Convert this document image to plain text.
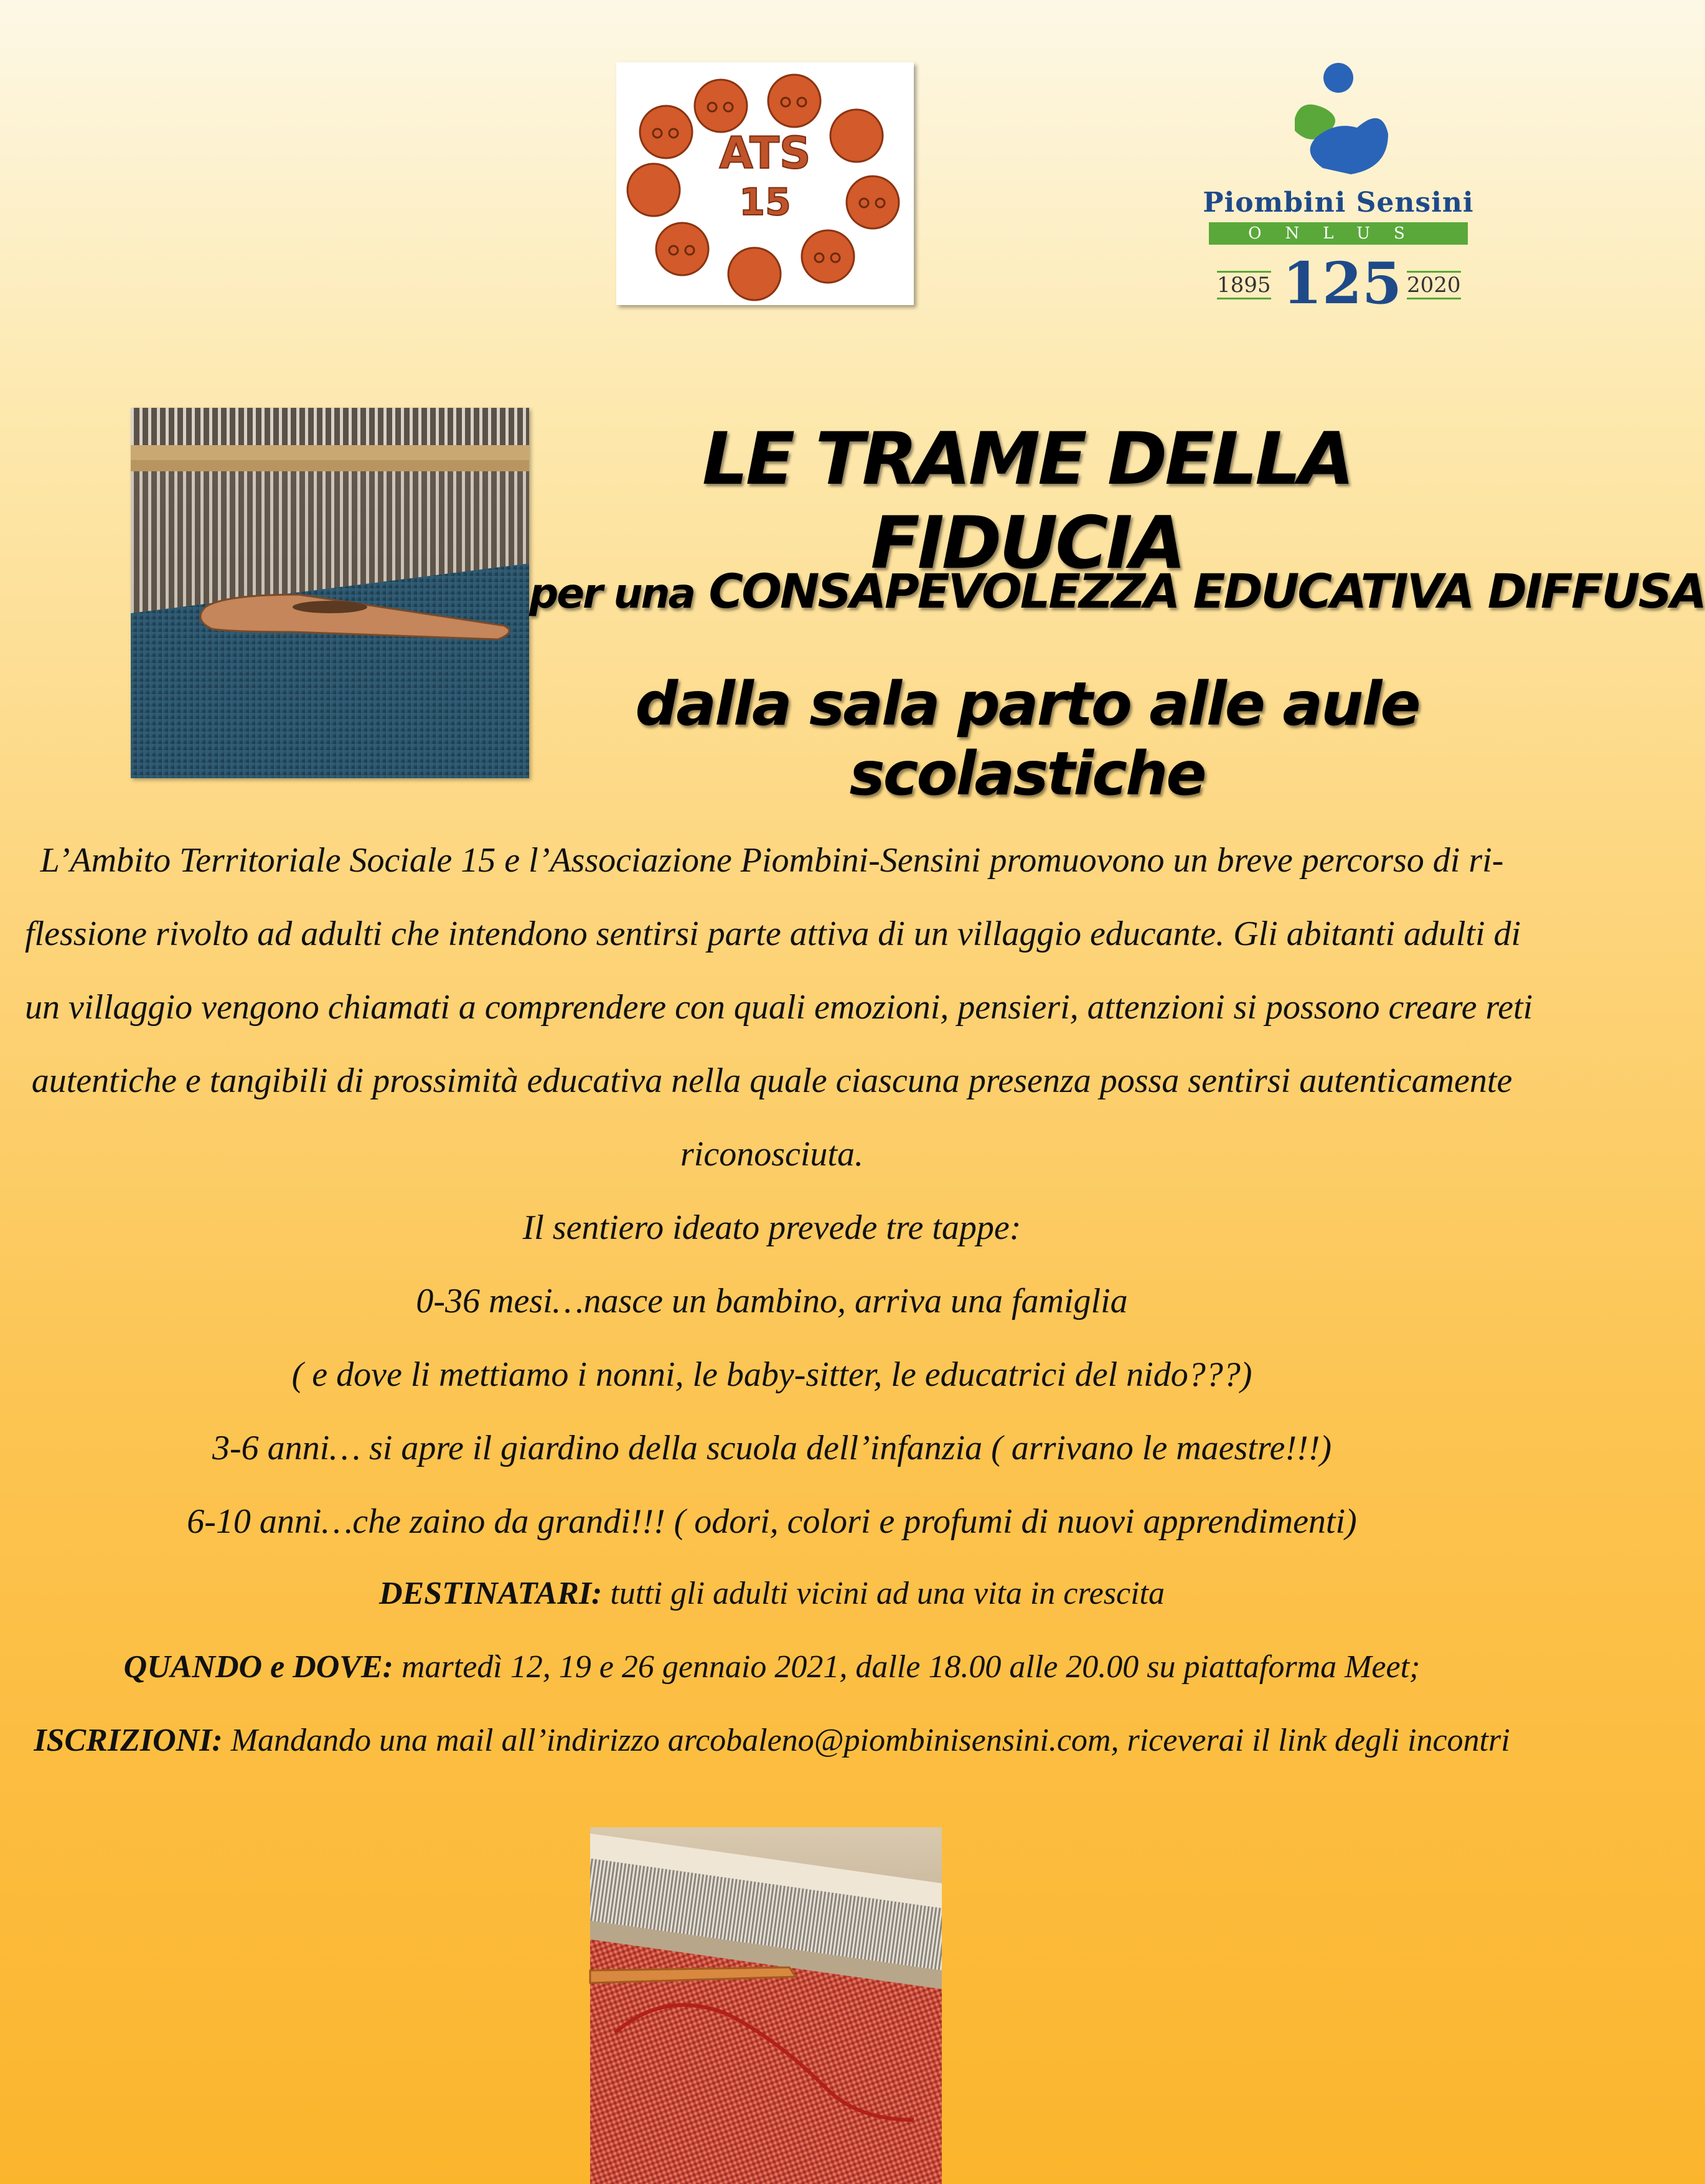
ATS
15	Piombini Sensini
ONLUS
1895 125 2020
LE TRAME DELLA FIDUCIA
per una CONSAPEVOLEZZA EDUCATIVA DIFFUSA
dalla sala parto alle aule scolastiche
L’Ambito Territoriale Sociale 15 e l’Associazione Piombini-Sensini promuovono un breve percorso di ri-
flessione rivolto ad adulti che intendono sentirsi parte attiva di un villaggio educante. Gli abitanti adulti di
un villaggio vengono chiamati a comprendere con quali emozioni, pensieri, attenzioni si possono creare reti
autentiche e tangibili di prossimità educativa nella quale ciascuna presenza possa sentirsi autenticamente
riconosciuta.
Il sentiero ideato prevede tre tappe:
0-36 mesi…nasce un bambino, arriva una famiglia
( e dove li mettiamo i nonni, le baby-sitter, le educatrici del nido???)
3-6 anni… si apre il giardino della scuola dell’infanzia ( arrivano le maestre!!!)
6-10 anni…che zaino da grandi!!! ( odori, colori e profumi di nuovi apprendimenti)
DESTINATARI: tutti gli adulti vicini ad una vita in crescita
QUANDO e DOVE: martedì 12, 19 e 26 gennaio 2021, dalle 18.00 alle 20.00 su piattaforma Meet;
ISCRIZIONI: Mandando una mail all’indirizzo arcobaleno@piombinisensini.com, riceverai il link degli incontri
